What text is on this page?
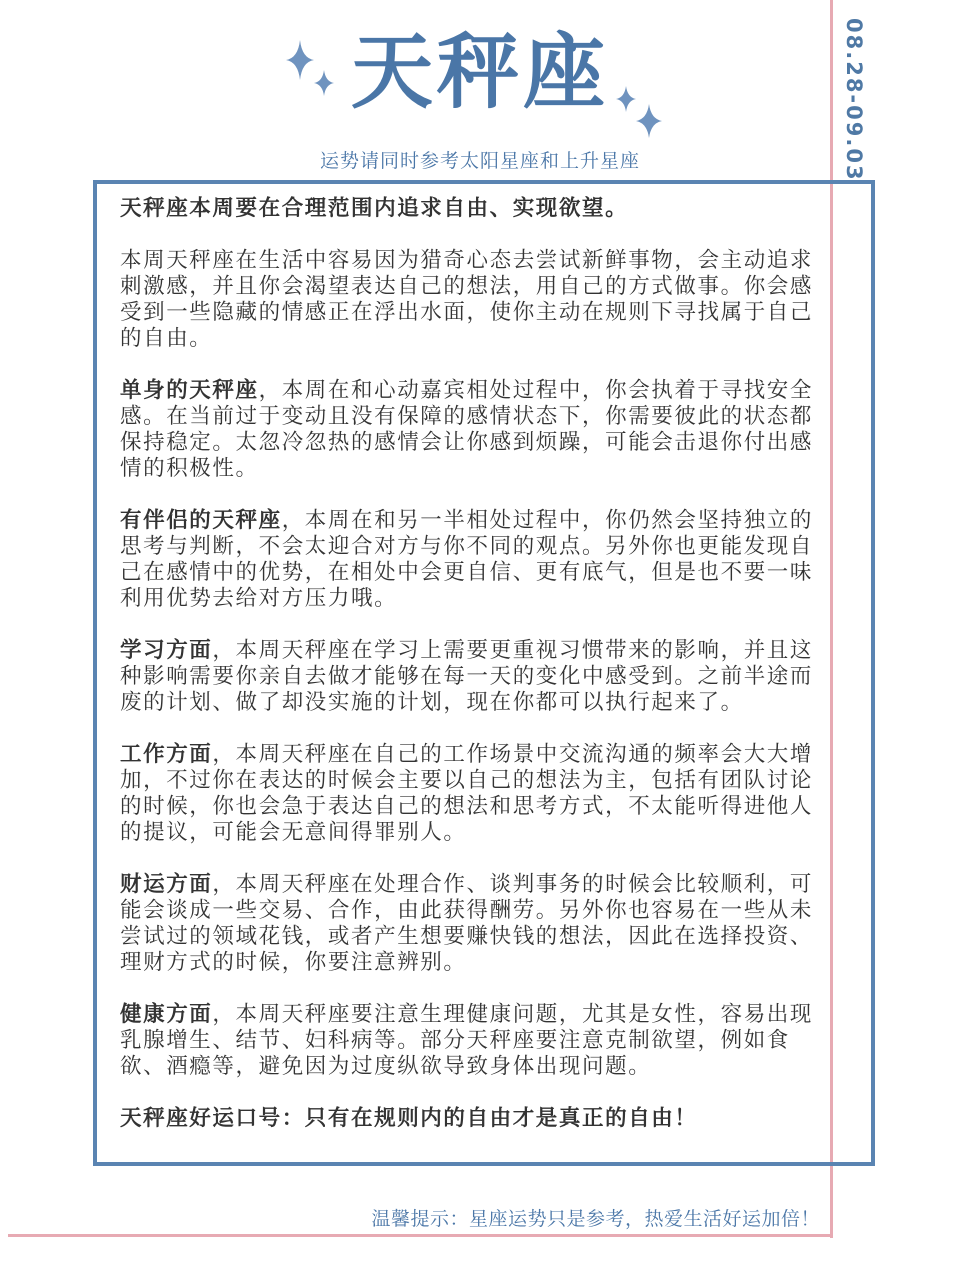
08.28-09.03
天秤座
运势请同时参考太阳星座和上升星座

天秤座本周要在合理范围内追求自由、实现欲望。

本周天秤座在生活中容易因为猎奇心态去尝试新鲜事物，会主动追求刺激感，并且你会渴望表达自己的想法，用自己的方式做事。你会感受到一些隐藏的情感正在浮出水面，使你主动在规则下寻找属于自己的自由。

单身的天秤座，本周在和心动嘉宾相处过程中，你会执着于寻找安全感。在当前过于变动且没有保障的感情状态下，你需要彼此的状态都保持稳定。太忽冷忽热的感情会让你感到烦躁，可能会击退你付出感情的积极性。

有伴侣的天秤座，本周在和另一半相处过程中，你仍然会坚持独立的思考与判断，不会太迎合对方与你不同的观点。另外你也更能发现自己在感情中的优势，在相处中会更自信、更有底气，但是也不要一味利用优势去给对方压力哦。

学习方面，本周天秤座在学习上需要更重视习惯带来的影响，并且这种影响需要你亲自去做才能够在每一天的变化中感受到。之前半途而废的计划、做了却没实施的计划，现在你都可以执行起来了。

工作方面，本周天秤座在自己的工作场景中交流沟通的频率会大大增加，不过你在表达的时候会主要以自己的想法为主，包括有团队讨论的时候，你也会急于表达自己的想法和思考方式，不太能听得进他人的提议，可能会无意间得罪别人。

财运方面，本周天秤座在处理合作、谈判事务的时候会比较顺利，可能会谈成一些交易、合作，由此获得酬劳。另外你也容易在一些从未尝试过的领域花钱，或者产生想要赚快钱的想法，因此在选择投资、理财方式的时候，你要注意辨别。

健康方面，本周天秤座要注意生理健康问题，尤其是女性，容易出现乳腺增生、结节、妇科病等。部分天秤座要注意克制欲望，例如食欲、酒瘾等，避免因为过度纵欲导致身体出现问题。

天秤座好运口号：只有在规则内的自由才是真正的自由！

温馨提示：星座运势只是参考，热爱生活好运加倍！
